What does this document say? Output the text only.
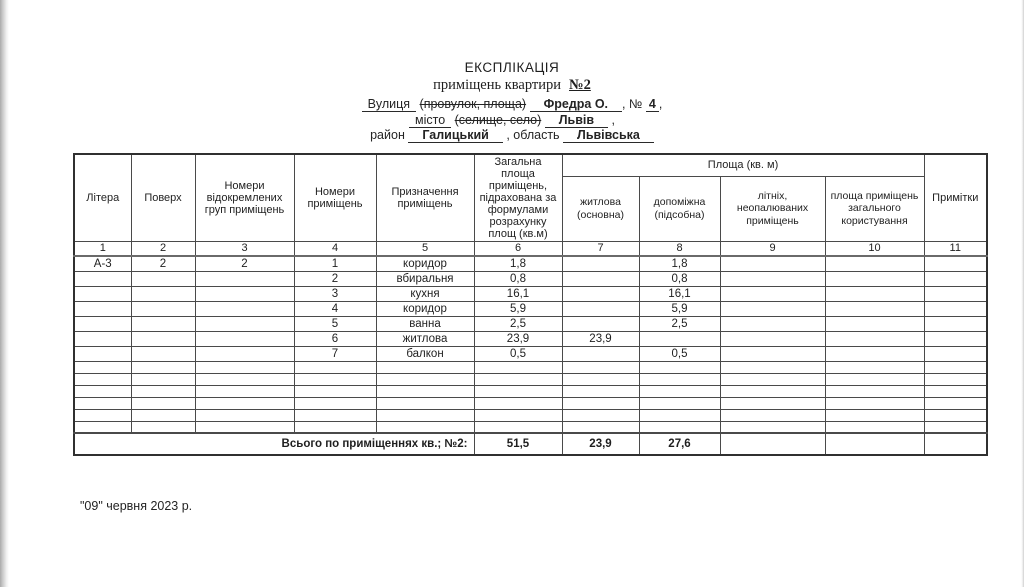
ЕКСПЛІКАЦІЯ
приміщень квартири №2
Вулиця (провулок, площа) Фредра О. , № 4 ,
місто (селище, село) Львів ,
район Галицький , область Львівська
Літера	Поверх	Номери відокремлених груп приміщень	Номери приміщень	Призначення приміщень	Загальна площа приміщень, підрахована за формулами розрахунку площ (кв.м)	Площа (кв. м)				Примітки
						житлова (основна)	допоміжна (підсобна)	літніх, неопалюваних приміщень	площа приміщень загального користування	
1	2	3	4	5	6	7	8	9	10	11
А-3	2	2	1	коридор	1,8		1,8			
			2	вбиральня	0,8		0,8			
			3	кухня	16,1		16,1			
			4	коридор	5,9		5,9			
			5	ванна	2,5		2,5			
			6	житлова	23,9	23,9				
			7	балкон	0,5		0,5			

Всього по приміщеннях кв.; №2:					51,5	23,9	27,6			
"09" червня 2023 р.
